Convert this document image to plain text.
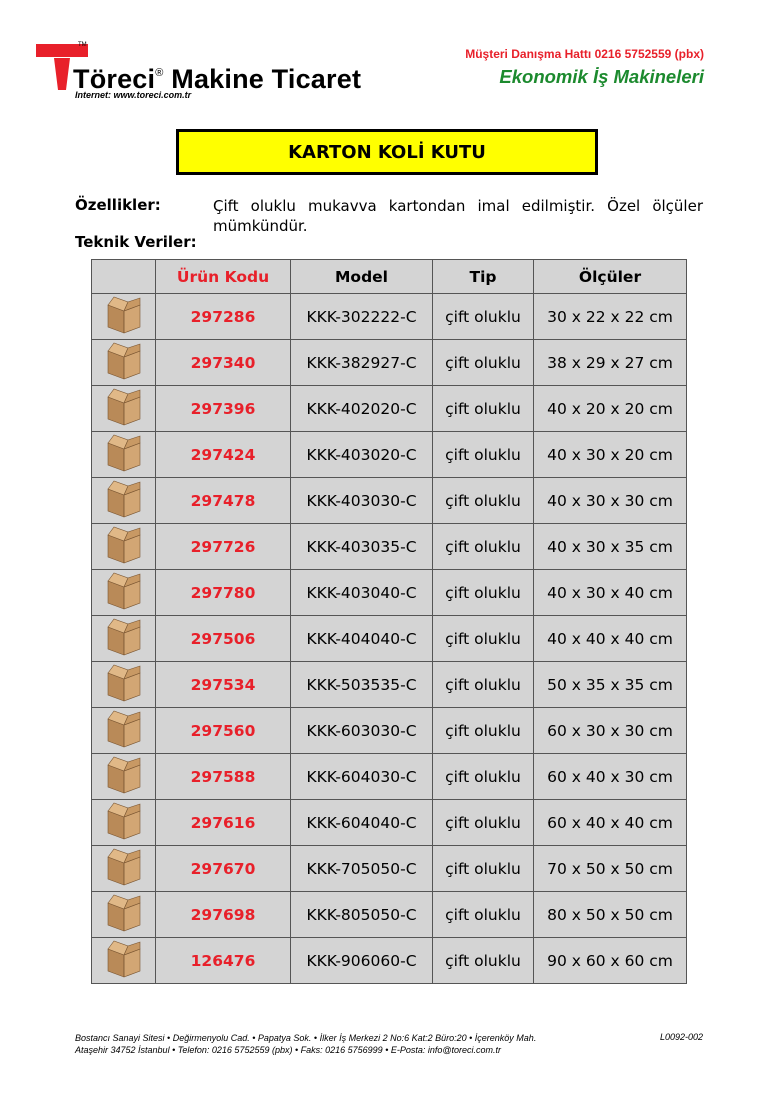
TM
Töreci® Makine Ticaret
Internet: www.toreci.com.tr
Müşteri Danışma Hattı 0216 5752559 (pbx)
Ekonomik İş Makineleri
KARTON KOLİ KUTU
Özellikler:	Çift oluklu mukavva kartondan imal edilmiştir. Özel ölçüler mümkündür.
Teknik Veriler:
	Ürün Kodu	Model	Tip	Ölçüler

	297286	KKK-302222-C	çift oluklu	30 x 22 x 22 cm

	297340	KKK-382927-C	çift oluklu	38 x 29 x 27 cm

	297396	KKK-402020-C	çift oluklu	40 x 20 x 20 cm

	297424	KKK-403020-C	çift oluklu	40 x 30 x 20 cm

	297478	KKK-403030-C	çift oluklu	40 x 30 x 30 cm

	297726	KKK-403035-C	çift oluklu	40 x 30 x 35 cm

	297780	KKK-403040-C	çift oluklu	40 x 30 x 40 cm

	297506	KKK-404040-C	çift oluklu	40 x 40 x 40 cm

	297534	KKK-503535-C	çift oluklu	50 x 35 x 35 cm

	297560	KKK-603030-C	çift oluklu	60 x 30 x 30 cm

	297588	KKK-604030-C	çift oluklu	60 x 40 x 30 cm

	297616	KKK-604040-C	çift oluklu	60 x 40 x 40 cm

	297670	KKK-705050-C	çift oluklu	70 x 50 x 50 cm

	297698	KKK-805050-C	çift oluklu	80 x 50 x 50 cm

	126476	KKK-906060-C	çift oluklu	90 x 60 x 60 cm
Bostancı Sanayi Sitesi • Değirmenyolu Cad. • Papatya Sok. • İlker İş Merkezi 2 No:6 Kat:2 Büro:20 • İçerenköy Mah.
Ataşehir 34752 İstanbul • Telefon: 0216 5752559 (pbx) • Faks: 0216 5756999 • E-Posta: info@toreci.com.tr
L0092-002
